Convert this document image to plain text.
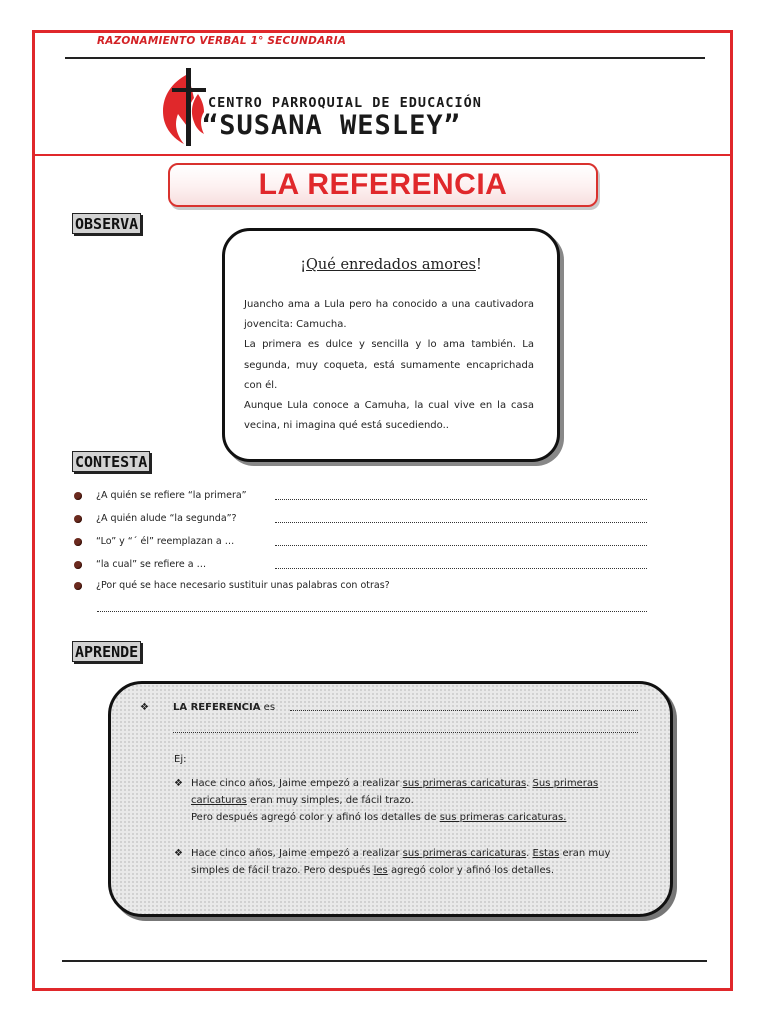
RAZONAMIENTO VERBAL 1° SECUNDARIA
CENTRO PARROQUIAL DE EDUCACIÓN
“SUSANA WESLEY”
LA REFERENCIA
OBSERVA
¡Qué enredados amores!

Juancho ama a Lula pero ha conocido a una cautivadora jovencita: Camucha.

La primera es dulce y sencilla y lo ama también. La segunda, muy coqueta, está sumamente encaprichada con él.

Aunque Lula conoce a Camuha, la cual vive en la casa vecina, ni imagina qué está sucediendo..

CONTESTA
¿A quién se refiere “la primera”
¿A quién alude “la segunda”?
“Lo” y “´ él” reemplazan a …
“la cual” se refiere a …
¿Por qué se hace necesario sustituir unas palabras con otras?
APRENDE
❖ LA REFERENCIA es
Ej:
❖ Hace cinco años, Jaime empezó a realizar sus primeras caricaturas. Sus primeras
caricaturas eran muy simples, de fácil trazo.
Pero después agregó color y afinó los detalles de sus primeras caricaturas.
❖ Hace cinco años, Jaime empezó a realizar sus primeras caricaturas. Estas eran muy
simples de fácil trazo. Pero después les agregó color y afinó los detalles.
